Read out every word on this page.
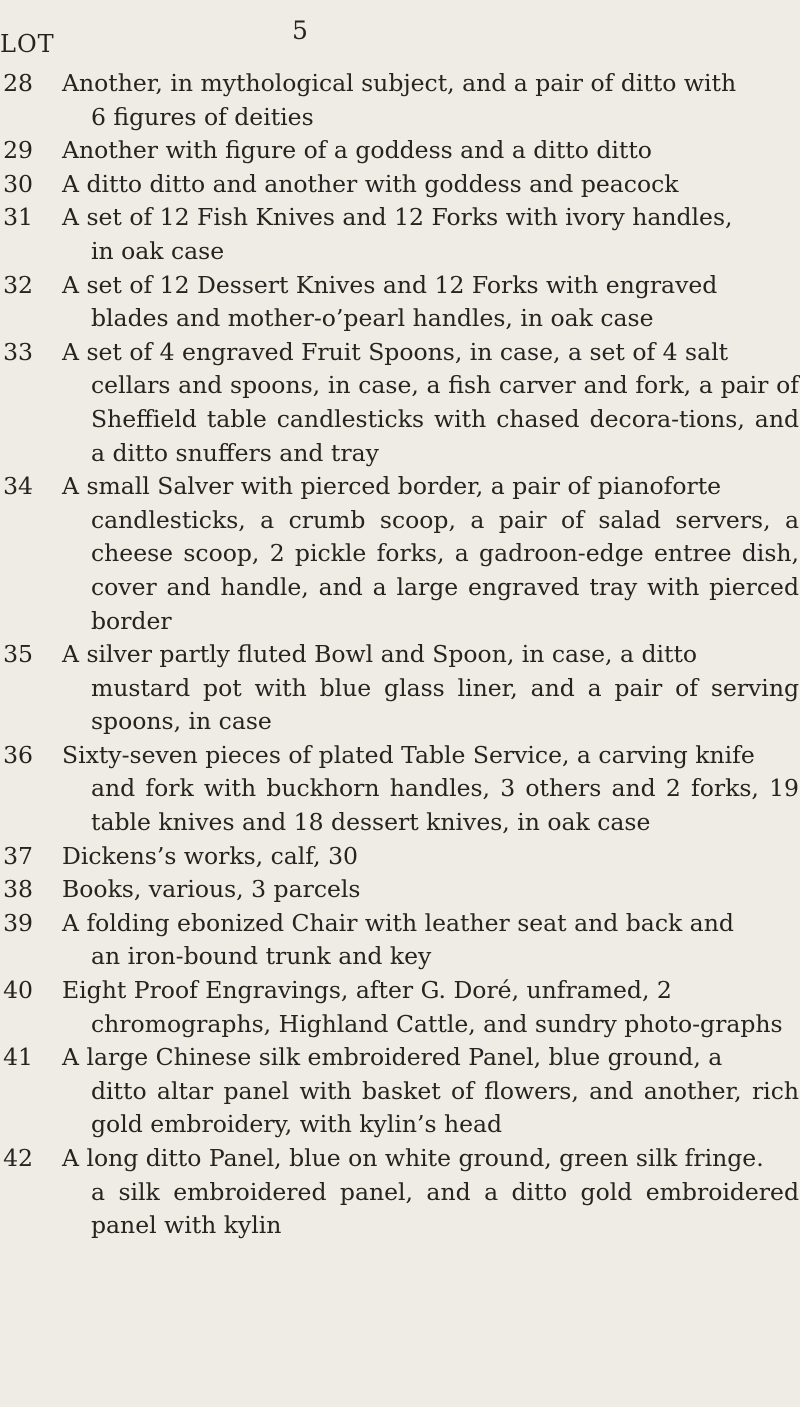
5
LOT
28 Another, in mythological subject, and a pair of ditto with
6 figures of deities
29 Another with figure of a goddess and a ditto ditto
30 A ditto ditto and another with goddess and peacock
31 A set of 12 Fish Knives and 12 Forks with ivory handles,
in oak case
32 A set of 12 Dessert Knives and 12 Forks with engraved
blades and mother-o’pearl handles, in oak case
33 A set of 4 engraved Fruit Spoons, in case, a set of 4 salt
cellars and spoons, in case, a fish carver and fork, a pair of Sheffield table candlesticks with chased decora-tions, and a ditto snuffers and tray
34 A small Salver with pierced border, a pair of pianoforte
candlesticks, a crumb scoop, a pair of salad servers, a cheese scoop, 2 pickle forks, a gadroon-edge entree dish, cover and handle, and a large engraved tray with pierced border
35 A silver partly fluted Bowl and Spoon, in case, a ditto
mustard pot with blue glass liner, and a pair of serving spoons, in case
36 Sixty-seven pieces of plated Table Service, a carving knife
and fork with buckhorn handles, 3 others and 2 forks, 19 table knives and 18 dessert knives, in oak case
37 Dickens’s works, calf, 30
38 Books, various, 3 parcels
39 A folding ebonized Chair with leather seat and back and
an iron-bound trunk and key
40 Eight Proof Engravings, after G. Doré, unframed, 2
chromographs, Highland Cattle, and sundry photo-graphs
41 A large Chinese silk embroidered Panel, blue ground, a
ditto altar panel with basket of flowers, and another, rich gold embroidery, with kylin’s head
42 A long ditto Panel, blue on white ground, green silk fringe.
a silk embroidered panel, and a ditto gold embroidered panel with kylin
